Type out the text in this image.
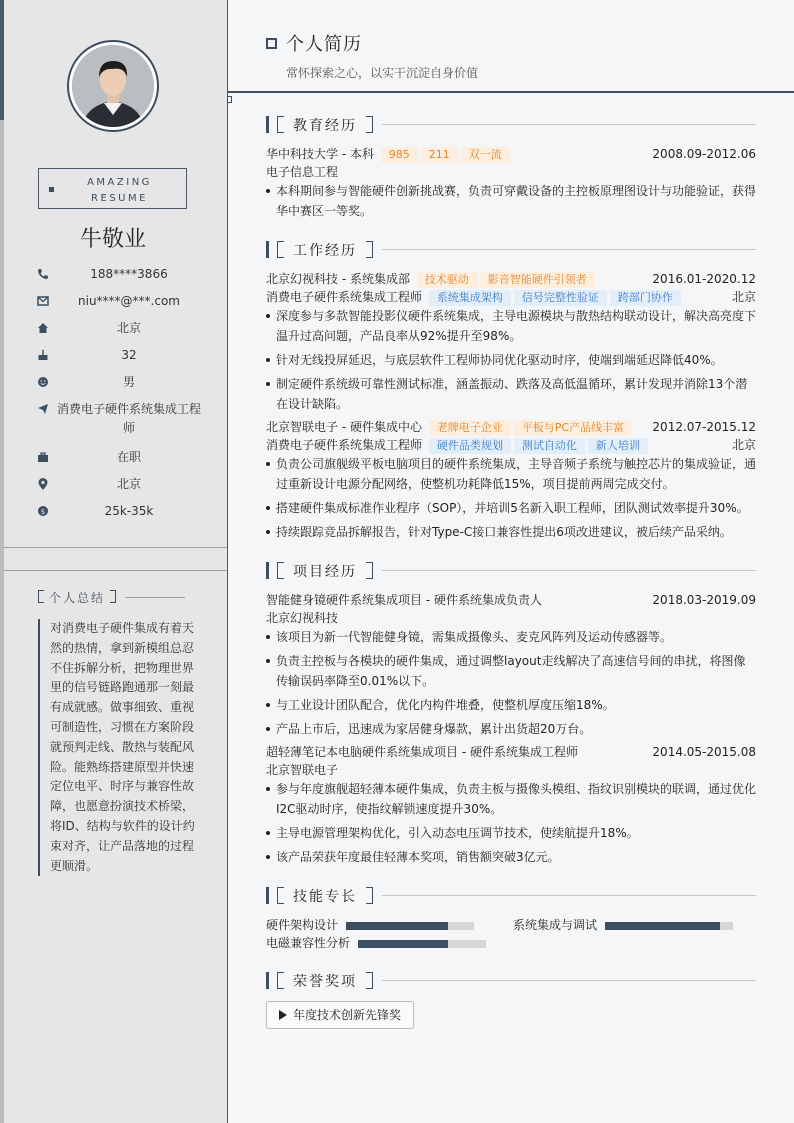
AMAZING
RESUME
牛敬业
188****3866
niu****@***.com
北京
32
男
消费电子硬件系统集成工程师
在职
北京
$	25k-35k
个人总结
对消费电子硬件集成有着天然的热情，拿到新模组总忍不住拆解分析，把物理世界里的信号链路跑通那一刻最有成就感。做事细致、重视可制造性，习惯在方案阶段就预判走线、散热与装配风险。能熟练搭建原型并快速定位电平、时序与兼容性故障，也愿意扮演技术桥梁，将ID、结构与软件的设计约束对齐，让产品落地的过程更顺滑。
个人简历
常怀探索之心，以实干沉淀自身价值
教育经历
华中科技大学 - 本科 985 211 双一流	2008.09-2012.06
电子信息工程
本科期间参与智能硬件创新挑战赛，负责可穿戴设备的主控板原理图设计与功能验证，获得华中赛区一等奖。
工作经历
北京幻视科技 - 系统集成部 技术驱动 影音智能硬件引领者	2016.01-2020.12
消费电子硬件系统集成工程师 系统集成架构 信号完整性验证 跨部门协作	北京
深度参与多款智能投影仪硬件系统集成，主导电源模块与散热结构联动设计，解决高亮度下温升过高问题，产品良率从92%提升至98%。
针对无线投屏延迟，与底层软件工程师协同优化驱动时序，使端到端延迟降低40%。
制定硬件系统级可靠性测试标准，涵盖振动、跌落及高低温循环，累计发现并消除13个潜在设计缺陷。
北京智联电子 - 硬件集成中心 老牌电子企业 平板与PC产品线丰富 2012.07-2015.12
消费电子硬件系统集成工程师 硬件品类规划 测试自动化 新人培训	北京
负责公司旗舰级平板电脑项目的硬件系统集成，主导音频子系统与触控芯片的集成验证，通过重新设计电源分配网络，使整机功耗降低15%，项目提前两周完成交付。
搭建硬件集成标准作业程序（SOP），并培训5名新入职工程师，团队测试效率提升30%。
持续跟踪竞品拆解报告，针对Type-C接口兼容性提出6项改进建议，被后续产品采纳。
项目经历
智能健身镜硬件系统集成项目 - 硬件系统集成负责人	2018.03-2019.09
北京幻视科技
该项目为新一代智能健身镜，需集成摄像头、麦克风阵列及运动传感器等。
负责主控板与各模块的硬件集成，通过调整layout走线解决了高速信号间的串扰，将图像传输误码率降至0.01%以下。
与工业设计团队配合，优化内构件堆叠，使整机厚度压缩18%。
产品上市后，迅速成为家居健身爆款，累计出货超20万台。
超轻薄笔记本电脑硬件系统集成项目 - 硬件系统集成工程师	2014.05-2015.08
北京智联电子
参与年度旗舰超轻薄本硬件集成，负责主板与摄像头模组、指纹识别模块的联调，通过优化I2C驱动时序，使指纹解锁速度提升30%。
主导电源管理架构优化，引入动态电压调节技术，使续航提升18%。
该产品荣获年度最佳轻薄本奖项，销售额突破3亿元。
技能专长
硬件架构设计	系统集成与调试
电磁兼容性分析
荣誉奖项
年度技术创新先锋奖
